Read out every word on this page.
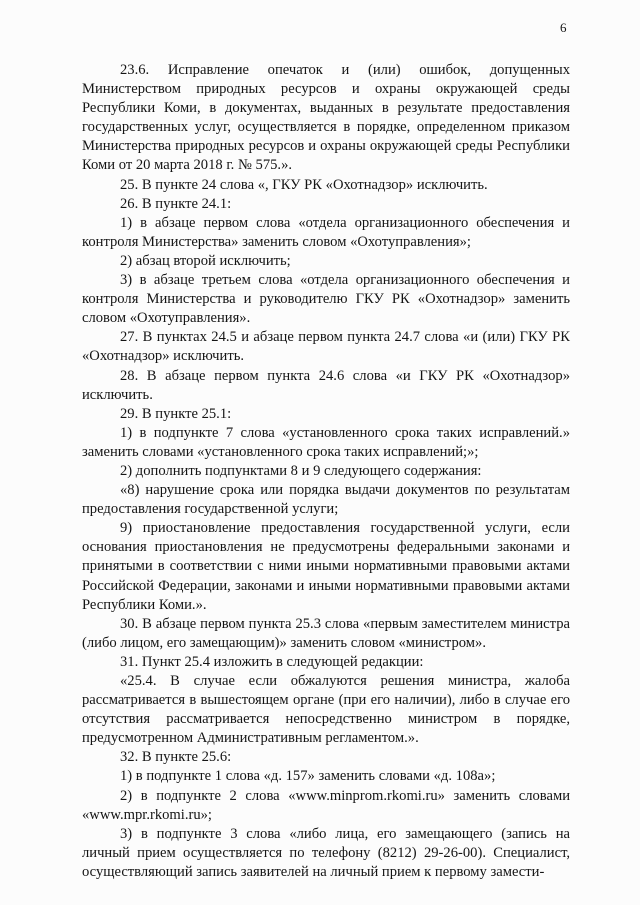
6

23.6. Исправление опечаток и (или) ошибок, допущенных Министерством природных ресурсов и охраны окружающей среды Республики Коми, в документах, выданных в результате предоставления государственных услуг, осуществляется в порядке, определенном приказом Министерства природных ресурсов и охраны окружающей среды Республики Коми от 20 марта 2018 г. № 575.».

25. В пункте 24 слова «, ГКУ РК «Охотнадзор» исключить.

26. В пункте 24.1:

1) в абзаце первом слова «отдела организационного обеспечения и контроля Министерства» заменить словом «Охотуправления»;

2) абзац второй исключить;

3) в абзаце третьем слова «отдела организационного обеспечения и контроля Министерства и руководителю ГКУ РК «Охотнадзор» заменить словом «Охотуправления».

27. В пунктах 24.5 и абзаце первом пункта 24.7 слова «и (или) ГКУ РК «Охотнадзор» исключить.

28. В абзаце первом пункта 24.6 слова «и ГКУ РК «Охотнадзор» исключить.

29. В пункте 25.1:

1) в подпункте 7 слова «установленного срока таких исправлений.» заменить словами «установленного срока таких исправлений;»;

2) дополнить подпунктами 8 и 9 следующего содержания:

«8) нарушение срока или порядка выдачи документов по результатам предоставления государственной услуги;

9) приостановление предоставления государственной услуги, если основания приостановления не предусмотрены федеральными законами и принятыми в соответствии с ними иными нормативными правовыми актами Российской Федерации, законами и иными нормативными правовыми актами Республики Коми.».

30. В абзаце первом пункта 25.3 слова «первым заместителем министра (либо лицом, его замещающим)» заменить словом «министром».

31. Пункт 25.4 изложить в следующей редакции:

«25.4. В случае если обжалуются решения министра, жалоба рассматривается в вышестоящем органе (при его наличии), либо в случае его отсутствия рассматривается непосредственно министром в порядке, предусмотренном Административным регламентом.».

32. В пункте 25.6:

1) в подпункте 1 слова «д. 157» заменить словами «д. 108а»;

2) в подпункте 2 слова «www.minprom.rkomi.ru» заменить словами «www.mpr.rkomi.ru»;

3) в подпункте 3 слова «либо лица, его замещающего (запись на личный прием осуществляется по телефону (8212) 29-26-00). Специалист, осуществляющий запись заявителей на личный прием к первому замести-
